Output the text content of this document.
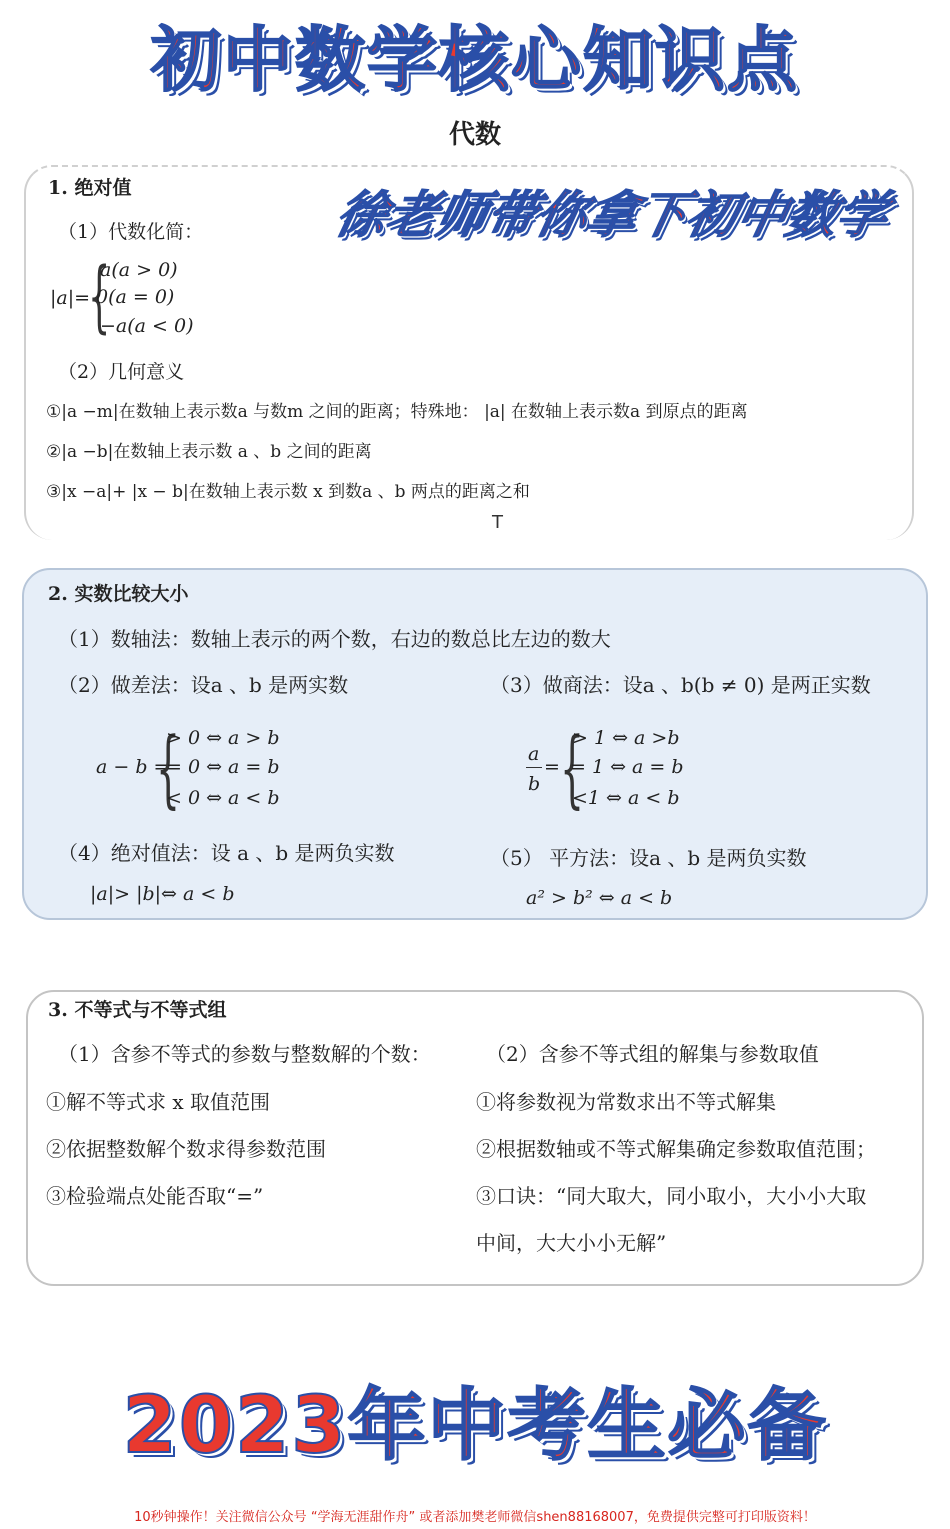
初中数学核心知识点
代数
徐老师带你拿下初中数学
1. 绝对值
（1）代数化简：
|a|=
{
a(a > 0)
0(a = 0)
−a(a < 0)
（2）几何意义
①|a −m|在数轴上表示数a 与数m 之间的距离；特殊地： |a| 在数轴上表示数a 到原点的距离
②|a −b|在数轴上表示数 a 、b 之间的距离
③|x −a|+ |x − b|在数轴上表示数 x 到数a 、b 两点的距离之和
T
2. 实数比较大小
（1）数轴法：数轴上表示的两个数，右边的数总比左边的数大
（2）做差法：设a 、b 是两实数	（3）做商法：设a 、b(b ≠ 0) 是两正实数
a − b =
{
> 0 ⇔ a > b
= 0 ⇔ a = b
< 0 ⇔ a < b
a
b
= {
> 1 ⇔ a >b
= 1 ⇔ a = b
<1 ⇔ a < b
（4）绝对值法：设 a 、b 是两负实数
|a|> |b|⇔ a < b
（5） 平方法：设a 、b 是两负实数
a² > b² ⇔ a < b
3. 不等式与不等式组
（1）含参不等式的参数与整数解的个数：
①解不等式求 x 取值范围
②依据整数解个数求得参数范围
③检验端点处能否取“=”
（2）含参不等式组的解集与参数取值
①将参数视为常数求出不等式解集
②根据数轴或不等式解集确定参数取值范围；
③口诀：“同大取大，同小取小，大小小大取
中间，大大小小无解”
2023年中考生必备
10秒钟操作！关注微信公众号 “学海无涯甜作舟” 或者添加樊老师微信shen88168007，免费提供完整可打印版资料！
